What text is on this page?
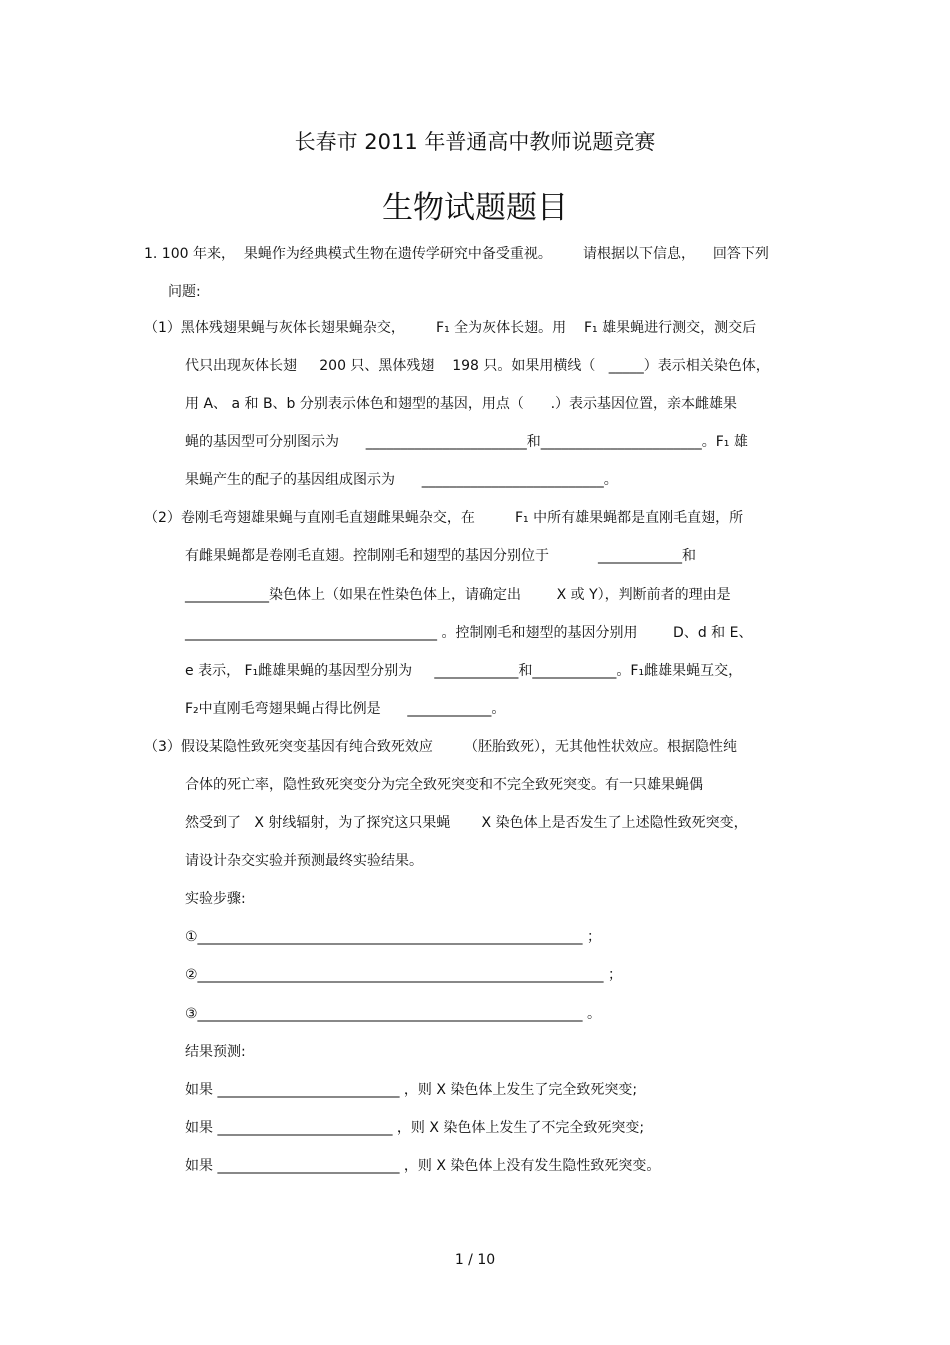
长春市 2011 年普通高中教师说题竞赛
生物试题题目
1. 100 年来，  果蝇作为经典模式生物在遗传学研究中备受重视。       请根据以下信息，    回答下列
问题:
（1）黑体残翅果蝇与灰体长翅果蝇杂交，       F₁ 全为灰体长翅。用    F₁ 雄果蝇进行测交，测交后
代只出现灰体长翅     200 只、黑体残翅    198 只。如果用横线（   _____）表示相关染色体，
用 A、 a 和 B、b 分别表示体色和翅型的基因，用点（      .）表示基因位置，亲本雌雄果
蝇的基因型可分别图示为      _______________________和_______________________。F₁ 雄
果蝇产生的配子的基因组成图示为      __________________________。
（2）卷刚毛弯翅雄果蝇与直刚毛直翅雌果蝇杂交，在         F₁ 中所有雄果蝇都是直刚毛直翅，所
有雌果蝇都是卷刚毛直翅。控制刚毛和翅型的基因分别位于           ____________和
____________染色体上（如果在性染色体上，请确定出        X 或 Y），判断前者的理由是
____________________________________ 。控制刚毛和翅型的基因分别用        D、d 和 E、
e 表示， F₁雌雄果蝇的基因型分别为     ____________和____________。F₁雌雄果蝇互交，
F₂中直刚毛弯翅果蝇占得比例是      ____________。
（3）假设某隐性致死突变基因有纯合致死效应       （胚胎致死），无其他性状效应。根据隐性纯
合体的死亡率，隐性致死突变分为完全致死突变和不完全致死突变。有一只雄果蝇偶
然受到了   X 射线辐射，为了探究这只果蝇       X 染色体上是否发生了上述隐性致死突变，
请设计杂交实验并预测最终实验结果。
实验步骤:
①_______________________________________________________ ；
②__________________________________________________________ ；
③_______________________________________________________ 。
结果预测:
如果 __________________________ ，则 X 染色体上发生了完全致死突变;
如果 _________________________ ，则 X 染色体上发生了不完全致死突变;
如果 __________________________ ，则 X 染色体上没有发生隐性致死突变。
1 / 10
